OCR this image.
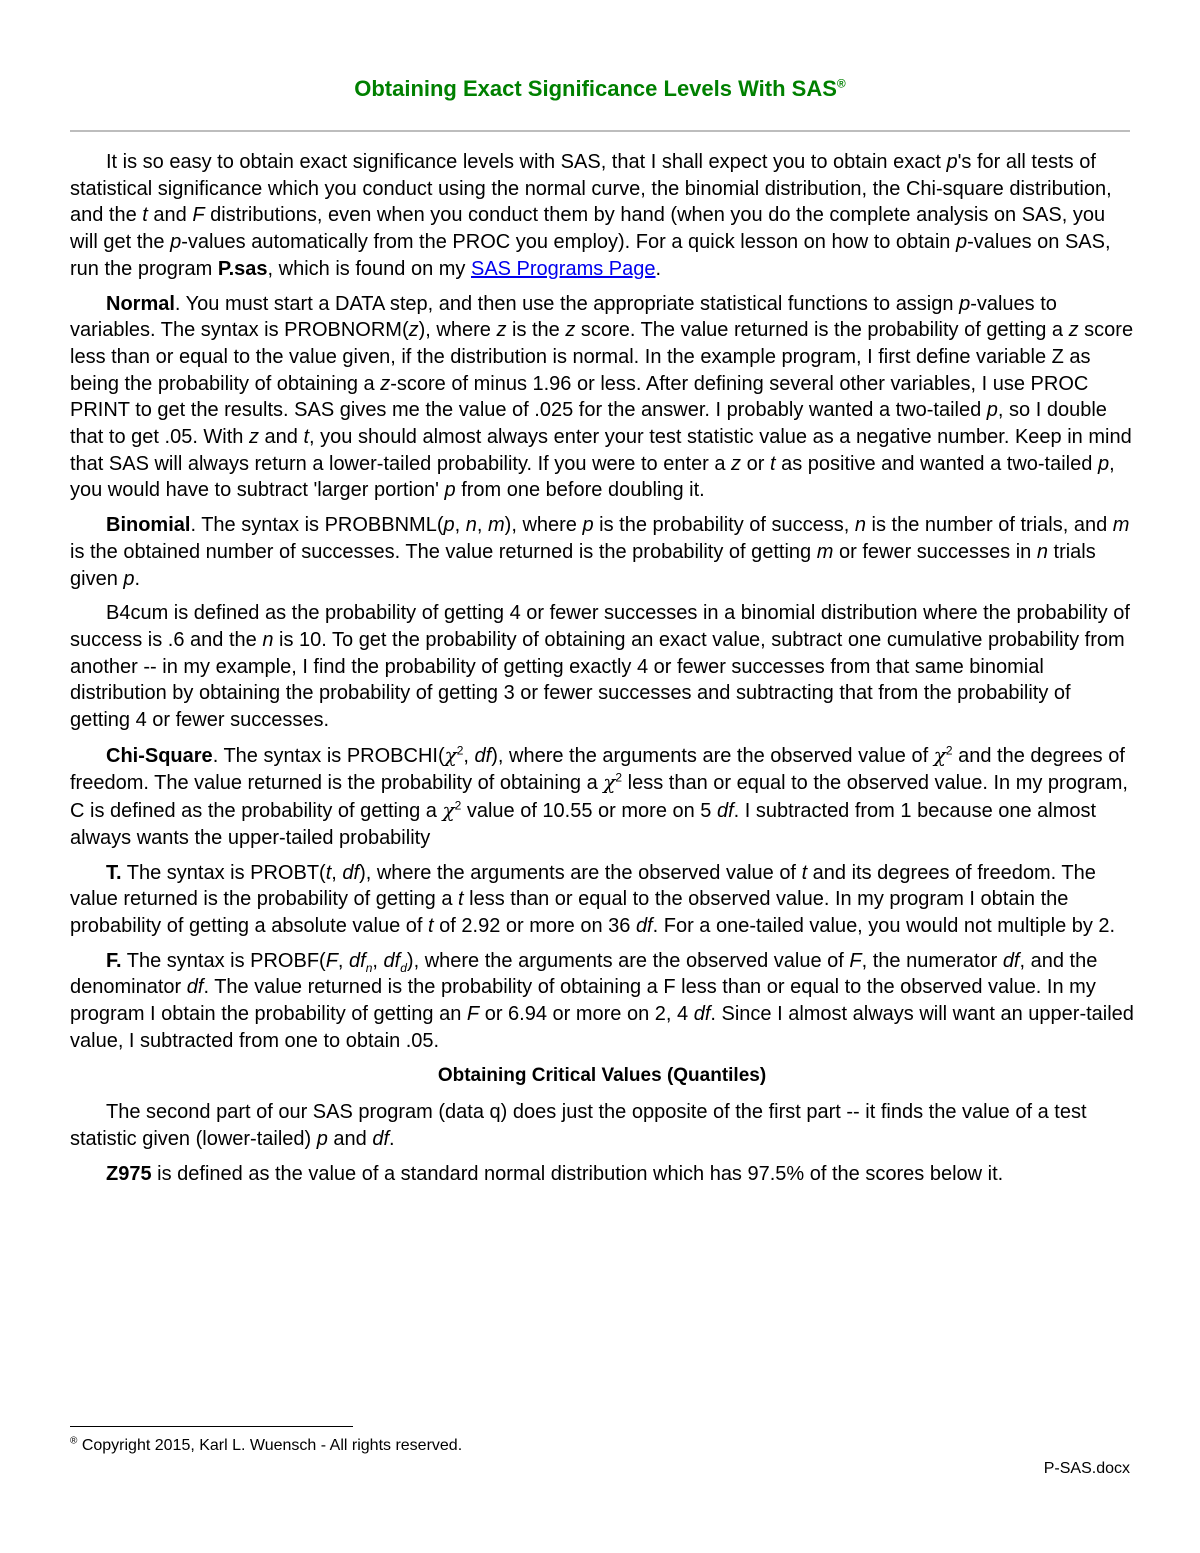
Obtaining Exact Significance Levels With SAS®

It is so easy to obtain exact significance levels with SAS, that I shall expect you to obtain exact p's for all tests of statistical significance which you conduct using the normal curve, the binomial distribution, the Chi-square distribution, and the t and F distributions, even when you conduct them by hand (when you do the complete analysis on SAS, you will get the p-values automatically from the PROC you employ). For a quick lesson on how to obtain p-values on SAS, run the program P.sas, which is found on my SAS Programs Page.

Normal. You must start a DATA step, and then use the appropriate statistical functions to assign p-values to variables. The syntax is PROBNORM(z), where z is the z score. The value returned is the probability of getting a z score less than or equal to the value given, if the distribution is normal. In the example program, I first define variable Z as being the probability of obtaining a z-score of minus 1.96 or less. After defining several other variables, I use PROC PRINT to get the results. SAS gives me the value of .025 for the answer. I probably wanted a two-tailed p, so I double that to get .05. With z and t, you should almost always enter your test statistic value as a negative number. Keep in mind that SAS will always return a lower-tailed probability. If you were to enter a z or t as positive and wanted a two-tailed p, you would have to subtract 'larger portion' p from one before doubling it.

Binomial. The syntax is PROBBNML(p, n, m), where p is the probability of success, n is the number of trials, and m is the obtained number of successes. The value returned is the probability of getting m or fewer successes in n trials given p.

B4cum is defined as the probability of getting 4 or fewer successes in a binomial distribution where the probability of success is .6 and the n is 10. To get the probability of obtaining an exact value, subtract one cumulative probability from another -- in my example, I find the probability of getting exactly 4 or fewer successes from that same binomial distribution by obtaining the probability of getting 3 or fewer successes and subtracting that from the probability of getting 4 or fewer successes.

Chi-Square. The syntax is $PROBCHI(\chi^2$, df), where the arguments are the observed value of $\chi^2$ and the degrees of freedom. The value returned is the probability of obtaining a $\chi^2$ less than or equal to the observed value. In my program, C is defined as the probability of getting a $\chi^2$ value of 10.55 or more on 5 df. I subtracted from 1 because one almost always wants the upper-tailed probability

T. The syntax is PROBT(t, df), where the arguments are the observed value of t and its degrees of freedom. The value returned is the probability of getting a t less than or equal to the observed value. In my program I obtain the probability of getting a absolute value of t of 2.92 or more on 36 df. For a one-tailed value, you would not multiple by 2.

F. The syntax is PROBF(F, $df_n$, $df_d$), where the arguments are the observed value of F, the numerator df, and the denominator df. The value returned is the probability of obtaining a F less than or equal to the observed value. In my program I obtain the probability of getting an F or 6.94 or more on 2, 4 df. Since I almost always will want an upper-tailed value, I subtracted from one to obtain .05.

Obtaining Critical Values (Quantiles)

The second part of our SAS program (data q) does just the opposite of the first part -- it finds the value of a test statistic given (lower-tailed) p and df.

Z975 is defined as the value of a standard normal distribution which has 97.5% of the scores below it.

® Copyright 2015, Karl L. Wuensch - All rights reserved.
P-SAS.docx
